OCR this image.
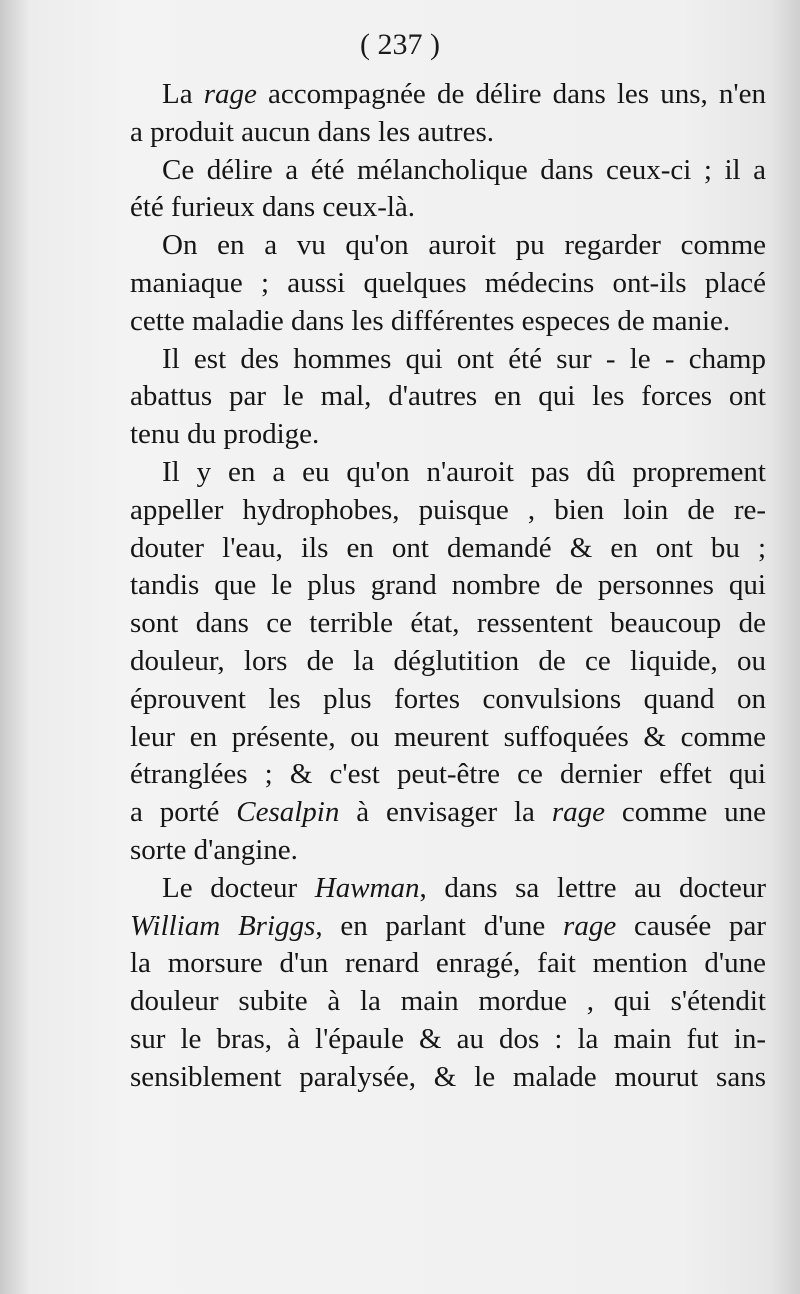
( 237 )
La rage accompagnée de délire dans les uns, n'en
a produit aucun dans les autres.
Ce délire a été mélancholique dans ceux-ci ; il a
été furieux dans ceux-là.
On en a vu qu'on auroit pu regarder comme
maniaque ; aussi quelques médecins ont-ils placé
cette maladie dans les différentes especes de manie.
Il est des hommes qui ont été sur - le - champ
abattus par le mal, d'autres en qui les forces ont
tenu du prodige.
Il y en a eu qu'on n'auroit pas dû proprement
appeller hydrophobes, puisque , bien loin de re-
douter l'eau, ils en ont demandé & en ont bu ;
tandis que le plus grand nombre de personnes qui
sont dans ce terrible état, ressentent beaucoup de
douleur, lors de la déglutition de ce liquide, ou
éprouvent les plus fortes convulsions quand on
leur en présente, ou meurent suffoquées & comme
étranglées ; & c'est peut-être ce dernier effet qui
a porté Cesalpin à envisager la rage comme une
sorte d'angine.
Le docteur Hawman, dans sa lettre au docteur
William Briggs, en parlant d'une rage causée par
la morsure d'un renard enragé, fait mention d'une
douleur subite à la main mordue , qui s'étendit
sur le bras, à l'épaule & au dos : la main fut in-
sensiblement paralysée, & le malade mourut sans
